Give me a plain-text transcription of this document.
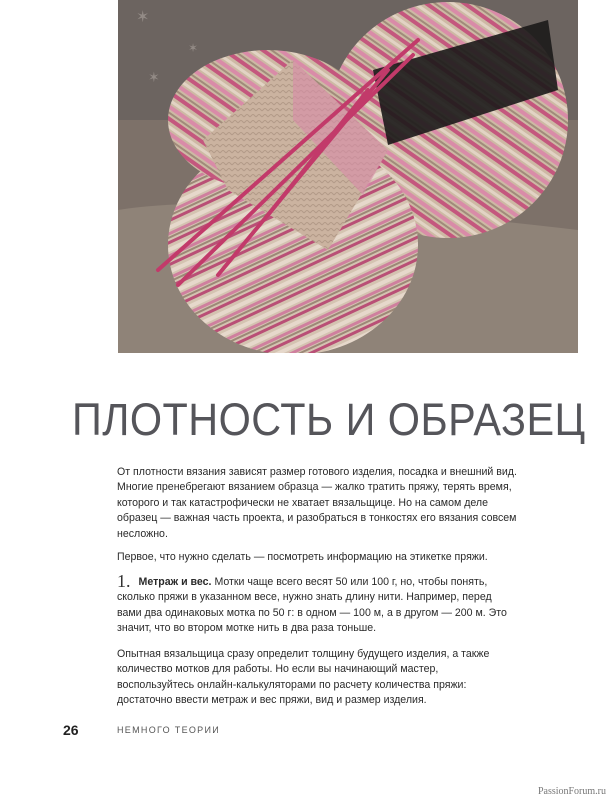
✶
✶
✶
ПЛОТНОСТЬ И ОБРАЗЕЦ

От плотности вязания зависят размер готового изделия, посадка и внешний вид. Многие пренебрегают вязанием образца — жалко тратить пряжу, терять время, которого и так катастрофически не хватает вязальщице. Но на самом деле образец — важная часть проекта, и разобраться в тонкостях его вязания совсем несложно.

Первое, что нужно сделать — посмотреть информацию на этикетке пряжи.

1. Метраж и вес. Мотки чаще всего весят 50 или 100 г, но, чтобы понять, сколько пряжи в указанном весе, нужно знать длину нити. Например, перед вами два одинаковых мотка по 50 г: в одном — 100 м, а в другом — 200 м. Это значит, что во втором мотке нить в два раза тоньше.

Опытная вязальщица сразу определит толщину будущего изделия, а также количество мотков для работы. Но если вы начинающий мастер, воспользуйтесь онлайн-калькуляторами по расчету количества пряжи: достаточно ввести метраж и вес пряжи, вид и размер изделия.

26	НЕМНОГО ТЕОРИИ
PassionForum.ru
